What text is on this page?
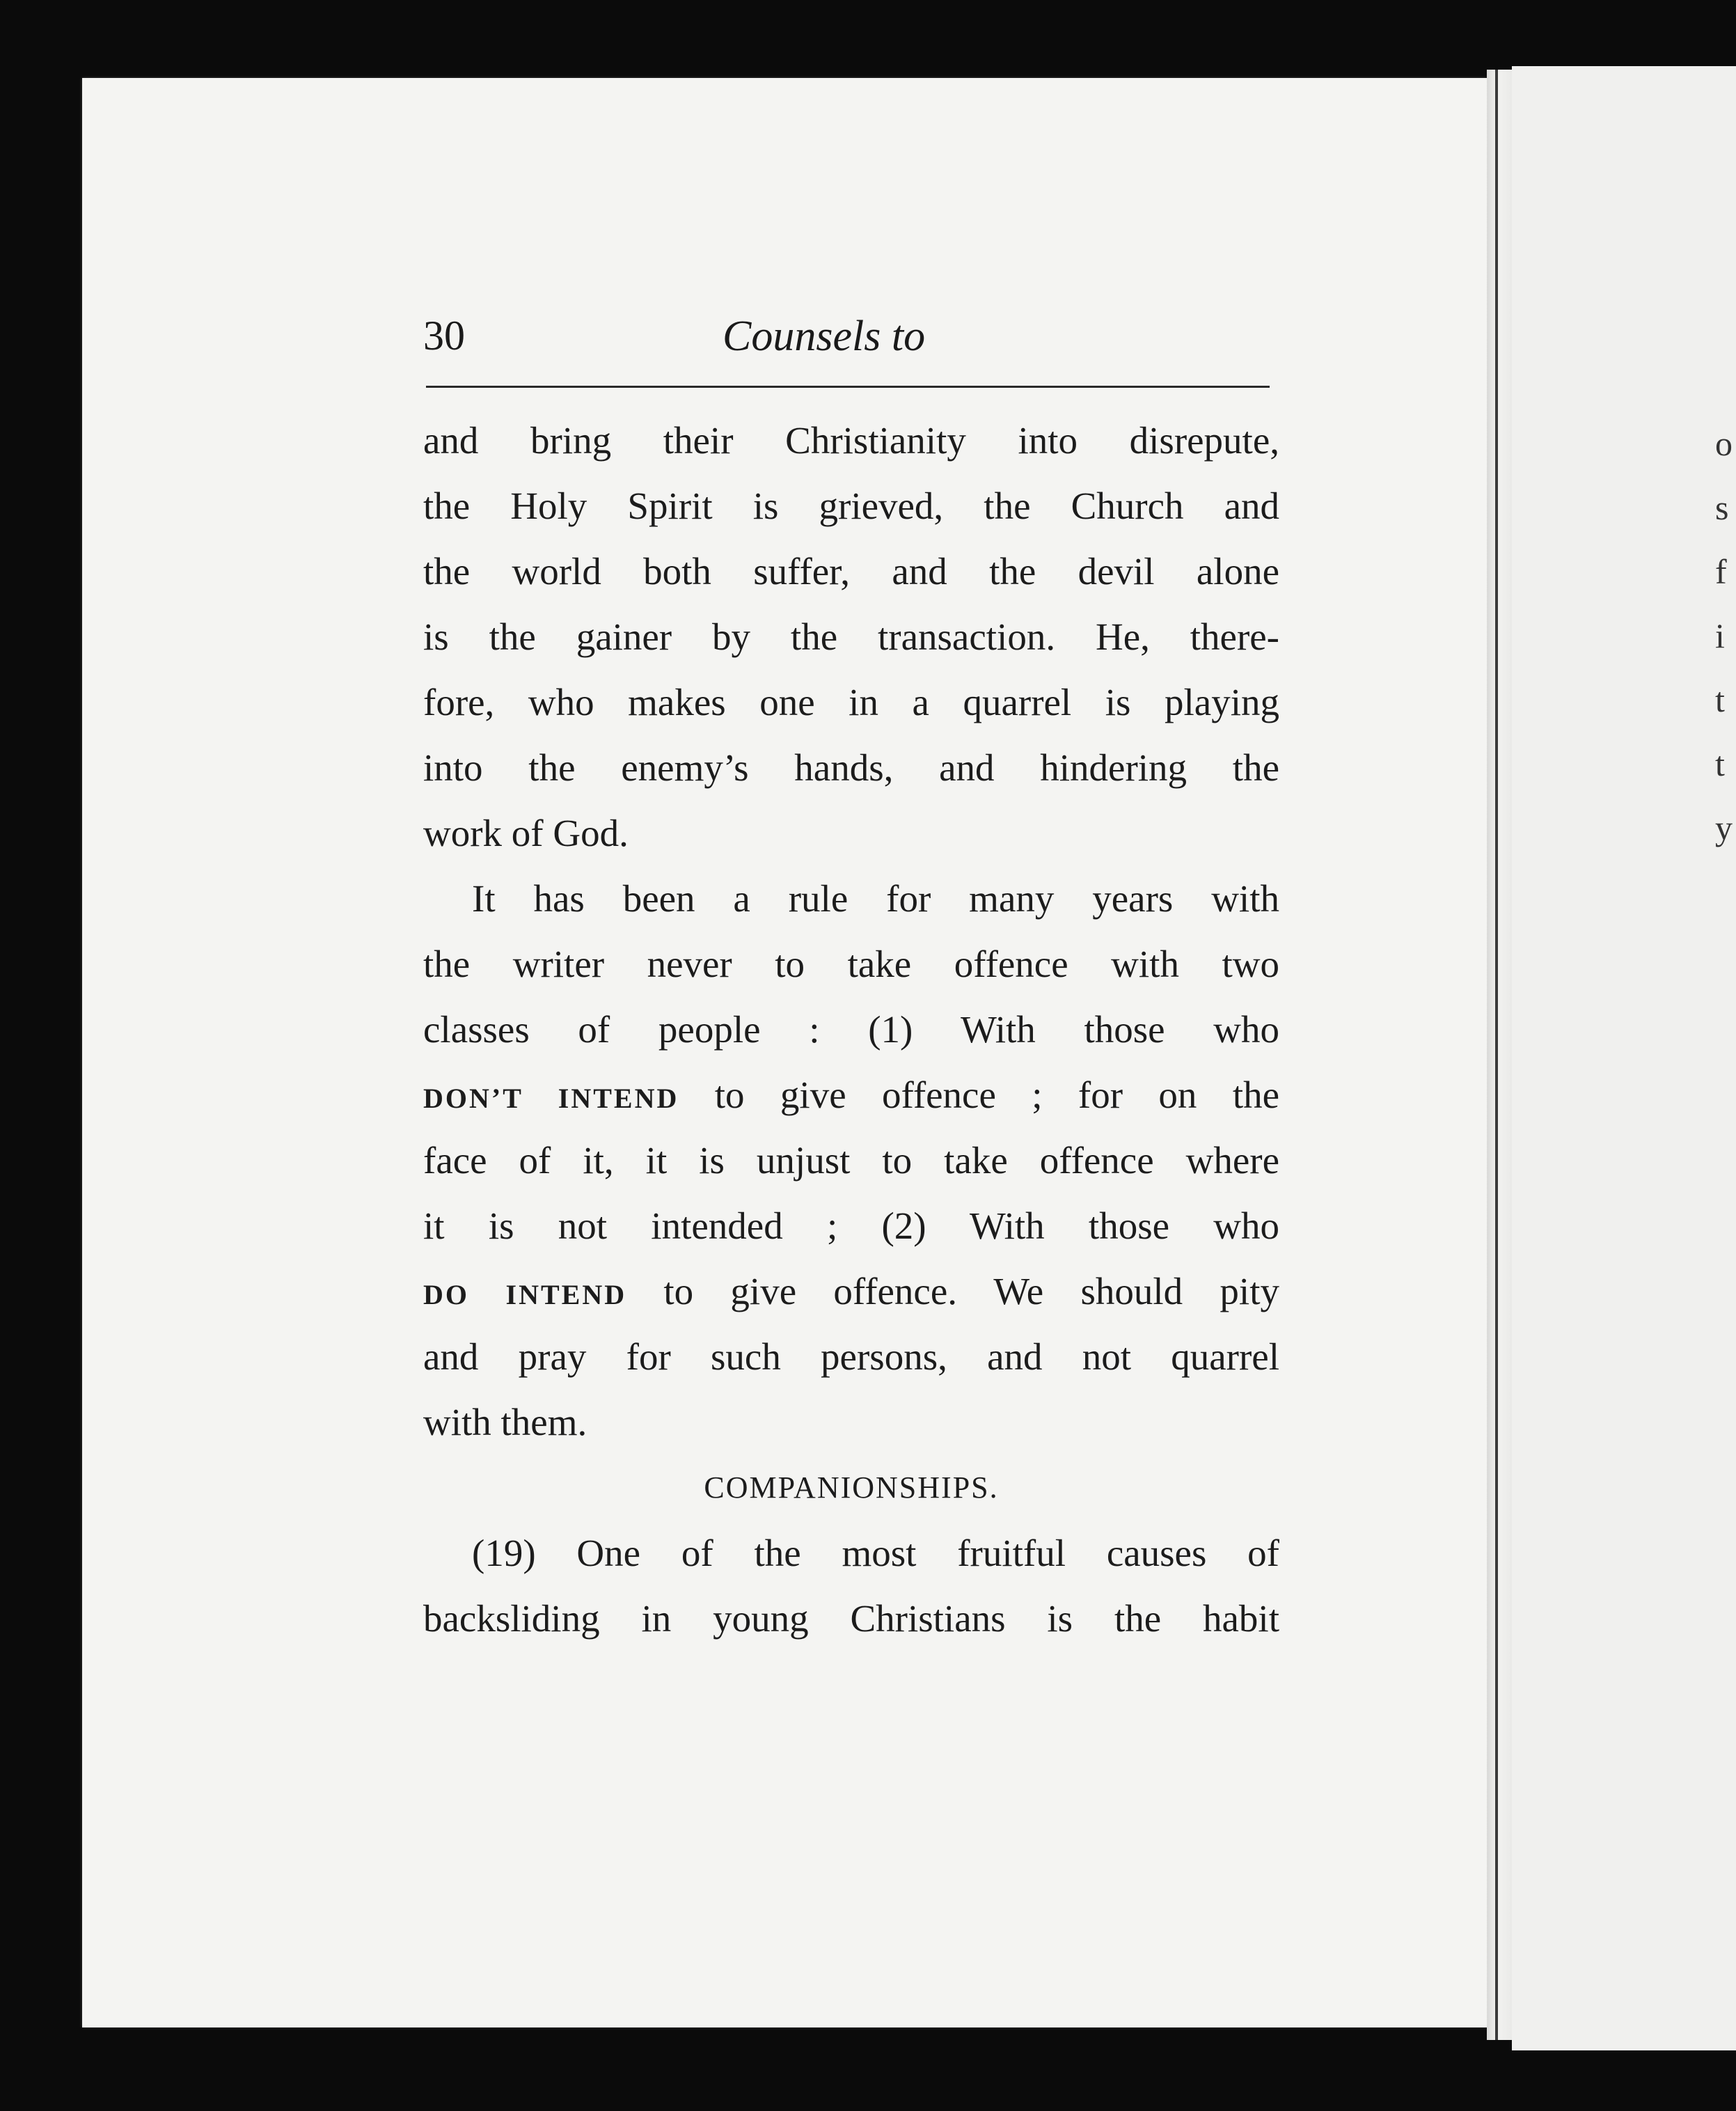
o
s
f
i
t
t
y
30	Counsels to
and bring their Christianity into disrepute,
the Holy Spirit is grieved, the Church and
the world both suffer, and the devil alone
is the gainer by the transaction. He, there-
fore, who makes one in a quarrel is playing
into the enemy’s hands, and hindering the
work of God.
It has been a rule for many years with
the writer never to take offence with two
classes of people : (1) With those who
DON’T INTEND to give offence ; for on the
face of it, it is unjust to take offence where
it is not intended ; (2) With those who
DO INTEND to give offence. We should pity
and pray for such persons, and not quarrel
with them.
COMPANIONSHIPS.
(19) One of the most fruitful causes of
backsliding in young Christians is the habit
